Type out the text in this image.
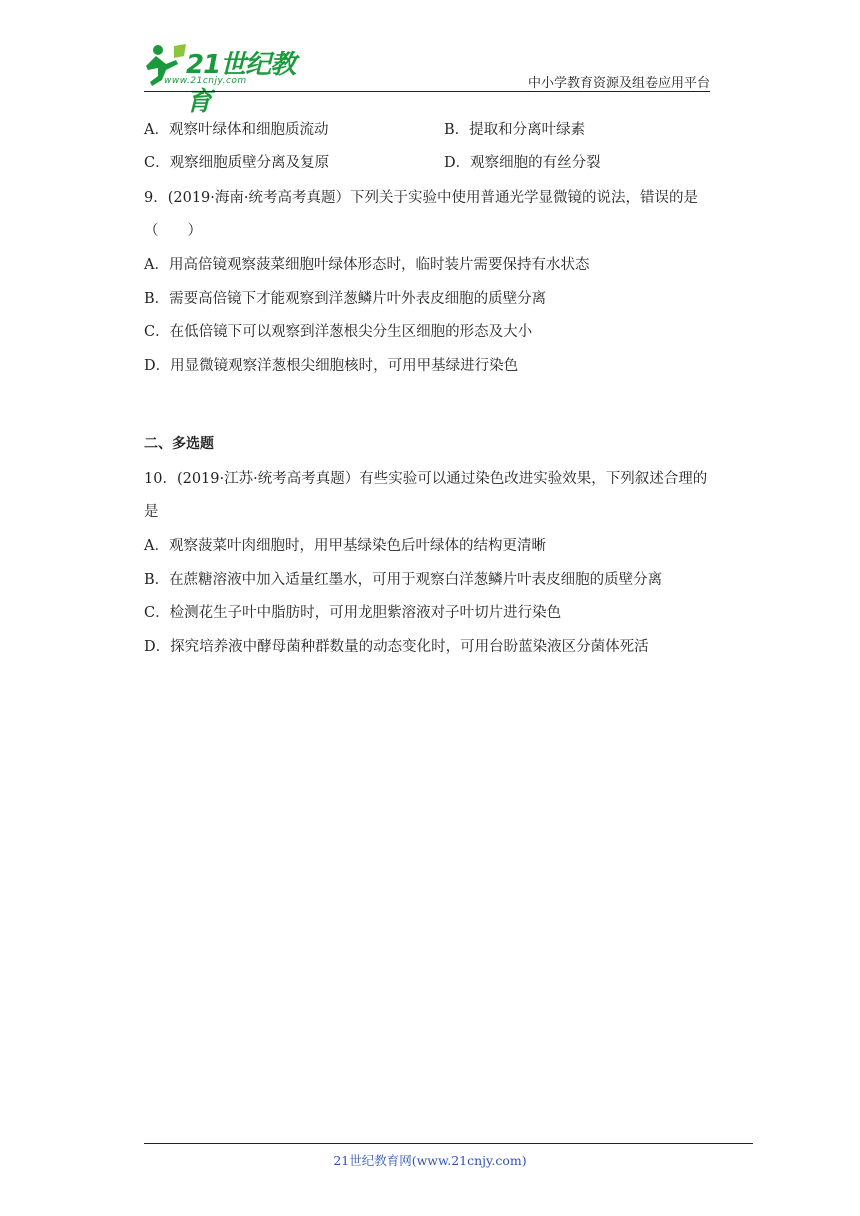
21世纪教育
www.21cnjy.com	中小学教育资源及组卷应用平台
A．观察叶绿体和细胞质流动	B．提取和分离叶绿素
C．观察细胞质壁分离及复原	D．观察细胞的有丝分裂
9．(2019·海南·统考高考真题）下列关于实验中使用普通光学显微镜的说法，错误的是
（　　）
A．用高倍镜观察菠菜细胞叶绿体形态时，临时装片需要保持有水状态
B．需要高倍镜下才能观察到洋葱鳞片叶外表皮细胞的质壁分离
C．在低倍镜下可以观察到洋葱根尖分生区细胞的形态及大小
D．用显微镜观察洋葱根尖细胞核时，可用甲基绿进行染色
二、多选题
10．(2019·江苏·统考高考真题）有些实验可以通过染色改进实验效果，下列叙述合理的
是
A．观察菠菜叶肉细胞时，用甲基绿染色后叶绿体的结构更清晰
B．在蔗糖溶液中加入适量红墨水，可用于观察白洋葱鳞片叶表皮细胞的质壁分离
C．检测花生子叶中脂肪时，可用龙胆紫溶液对子叶切片进行染色
D．探究培养液中酵母菌种群数量的动态变化时，可用台盼蓝染液区分菌体死活
21世纪教育网(www.21cnjy.com)
